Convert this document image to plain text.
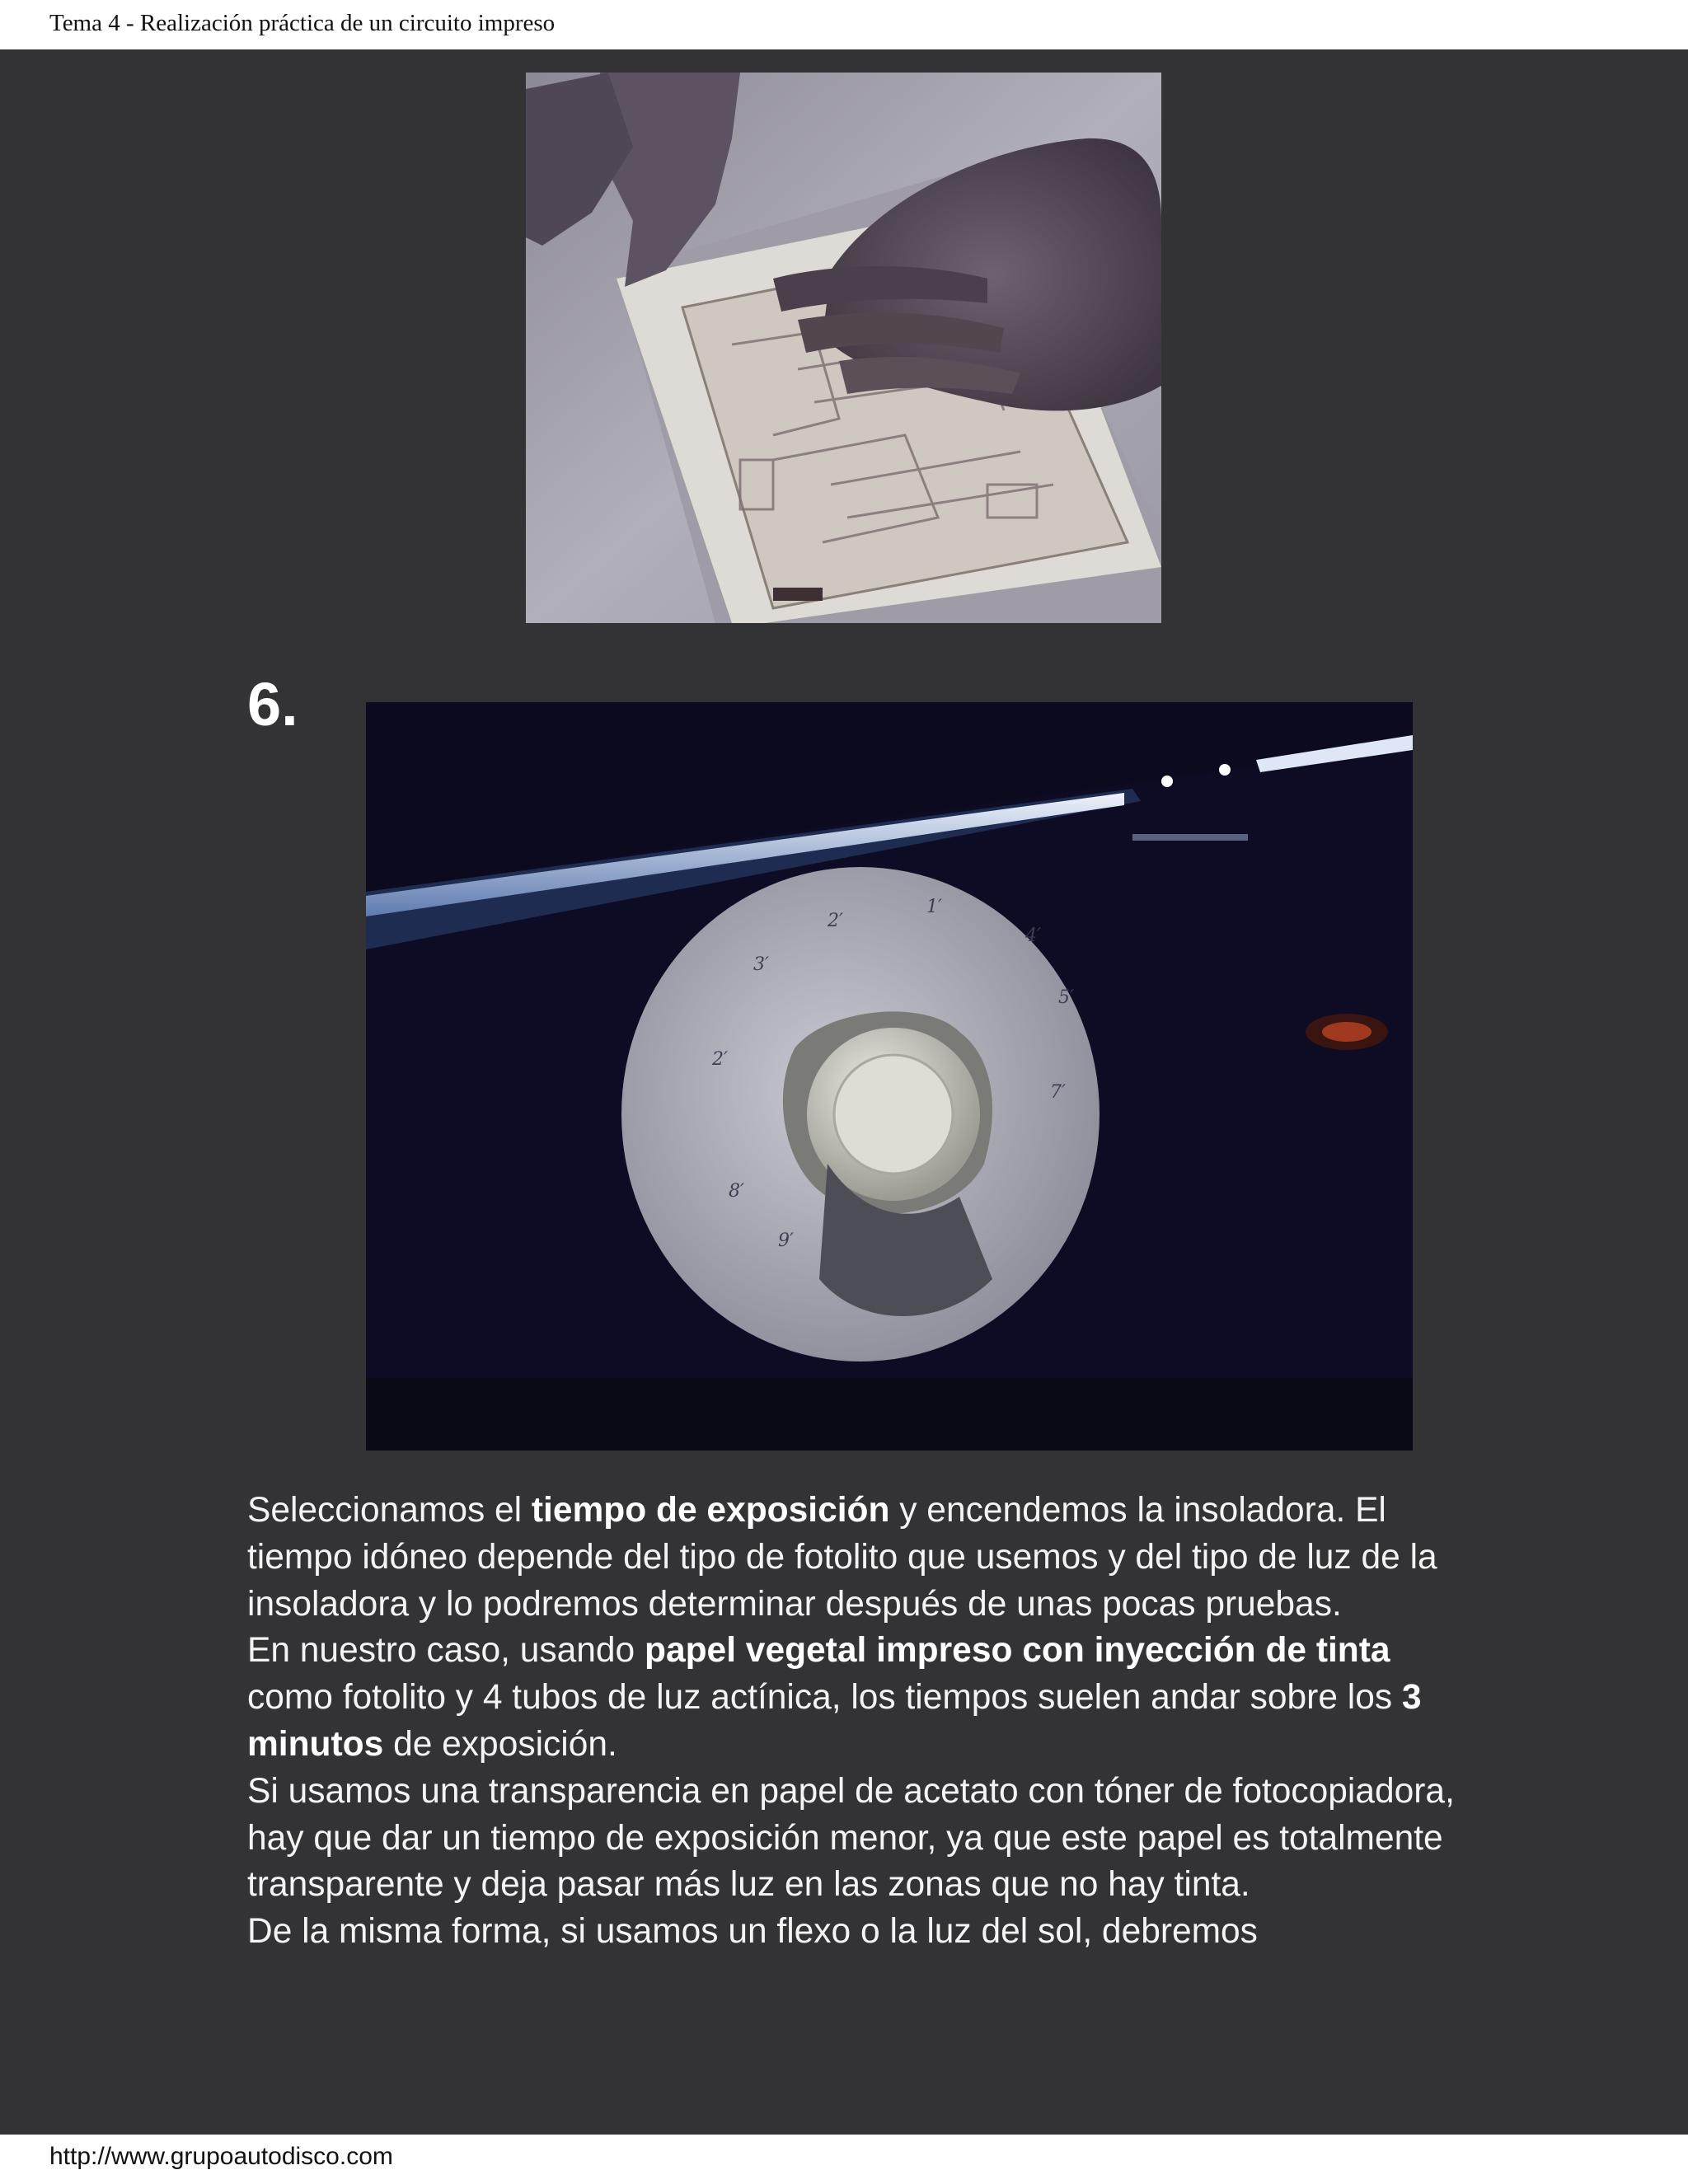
Tema 4 - Realización práctica de un circuito impreso
6.
3′
2′
1′
4′
5′
7′
2′
8′
9′

Seleccionamos el tiempo de exposición y encendemos la insoladora. El tiempo idóneo depende del tipo de fotolito que usemos y del tipo de luz de la insoladora y lo podremos determinar después de unas pocas pruebas.

En nuestro caso, usando papel vegetal impreso con inyección de tinta como fotolito y 4 tubos de luz actínica, los tiempos suelen andar sobre los 3 minutos de exposición.

Si usamos una transparencia en papel de acetato con tóner de fotocopiadora, hay que dar un tiempo de exposición menor, ya que este papel es totalmente transparente y deja pasar más luz en las zonas que no hay tinta.

De la misma forma, si usamos un flexo o la luz del sol, debremos

http://www.grupoautodisco.com
